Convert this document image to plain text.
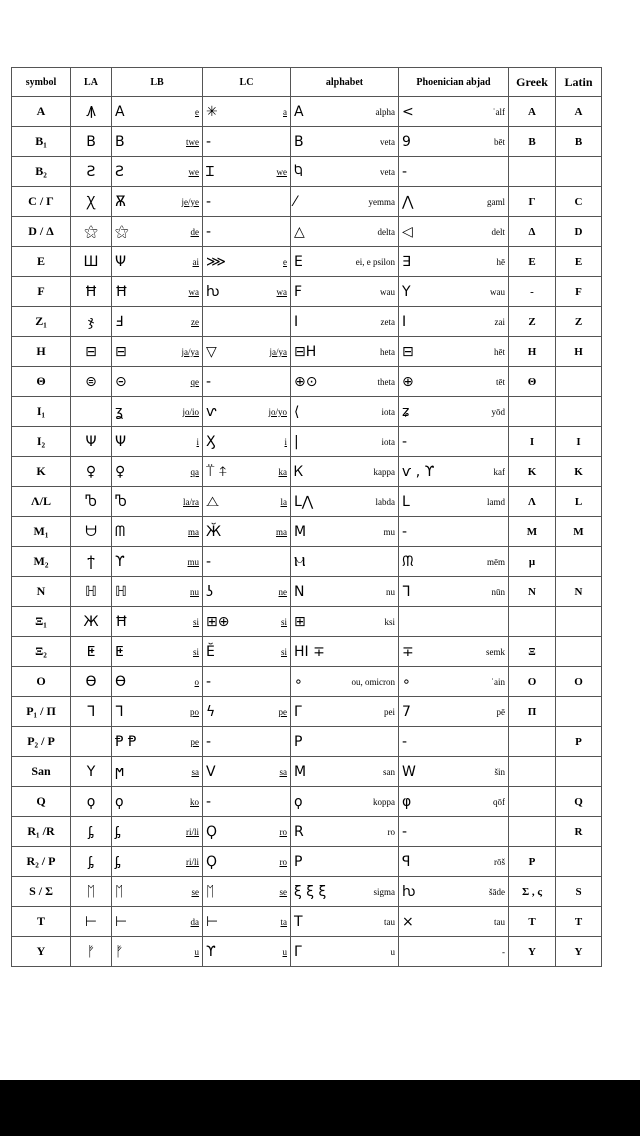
symbol	LA	LB	LC	alphabet	Phoenician abjad	Greek	Latin
A	Ꙟ	A e	✳ a	A alpha	< ʾalf	A	A
B₁	B	B twe	-	B veta	9 bēt	B	B
B₂	Ƨ	Ƨ we	Ɪ we	Ⴉ veta	-		

C / Γ	Ꭓ	Ѫ je/ye	-	⁄ yemma	⋀ gaml	Γ	C
D / Δ	⚝	⚝ de	-	△ delta	◁ delt	Δ	D
E	Ш	Ψ ai	⋙ e	E ei, e psilon	∃ hē	E	E
F	Ħ	Ħ wa	ƕ wa	F wau	Y wau	-	F
Z₁	ჯ	Ⅎ ze		I zeta	I zai	Z	Z
H	⊟	⊟ ja/ya	▽ ja/ya	⊟H heta	⊟ hēt	H	H
Θ	⊜	⊝ qe	-	⊕⊙ theta	⊕ tēt	Θ	
I₁		ʓ jo/io	ⱱ jo/yo	⟨ iota	ʑ yōd		

I₂	Ψ	Ψ i	Ӽ i	| iota	-	I	I
K	♀	♀ qa	⍡ ⍏ ka	Ꮶ kappa	ѵ , ϒ kaf	K	K
Λ/L	Ⴊ	Ⴊ la/ra	⧍ la	L⋀ labda	L lamd	Λ	L
M₁	ᗨ	ᗰ ma	Ӂ ma	M mu	-	M	M
M₂	ϯ	ϒ mu	-	Ⲙ	ᙏ mēm	μ	
N	ℍ	ℍ nu	ʖ ne	N nu	ᒣ nūn	N	N
Ξ₁	Ж	Ħ si	⊞⊕ si	⊞ ksi			

Ξ₂	ⵟ	ⵟ si	Ӗ si	HI ∓	∓ semk	Ξ	
O	Ɵ	Ɵ o	-	∘ ou, omicron	∘ ʿain	O	O
P₁ / Π	ᒣ	ᒣ po	ϟ pe	Γ pei	7 pē	Π	
P₂ / P		Ᵽ Ᵽ pe	-	P	-		P
San	Y	ϻ sa	V sa	M san	W šin		

Q	ϙ	ϙ ko	-	ϙ koppa	φ qōf		Q
R₁ /R	ᶋ	ᶋ ri/li	Ϙ ro	R ro	-		R
R₂ / P	ᶋ	ᶋ ri/li	Ϙ ro	P	ꟼ rōš	P	
S / Σ	ᛖ	ᛖ se	ᛖ se	ξ ξ ξ sigma	ƕ šāde	Σ , ς	S
T	⊢	⊢ da	⊢ ta	T tau	× tau	T	T
Y	ᚠ	ᚠ u	ϒ u	Γ u	-	Y	Y
